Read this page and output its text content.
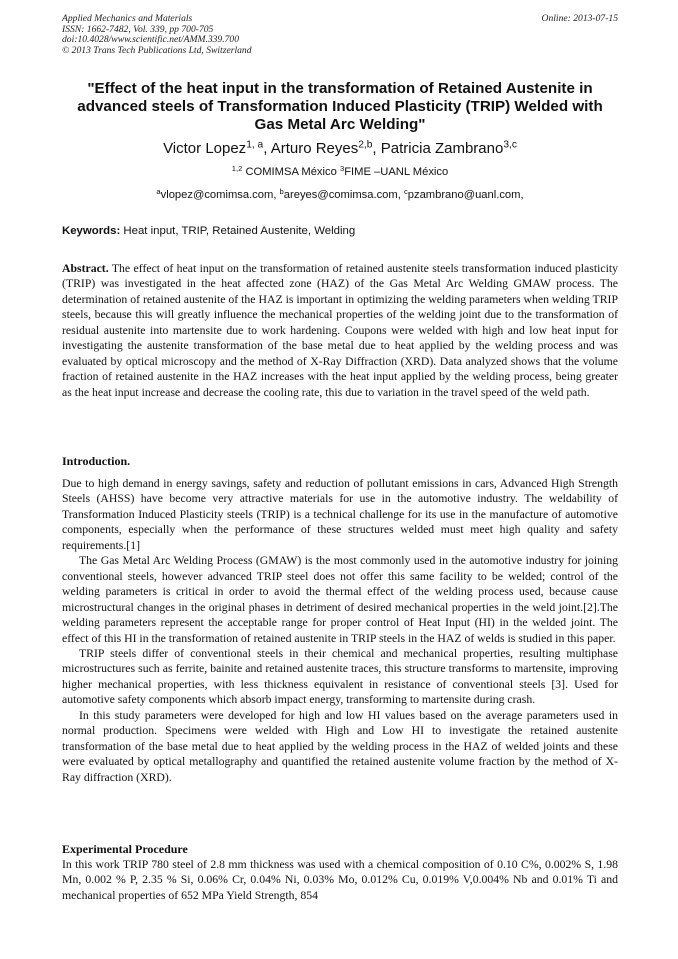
Applied Mechanics and Materials
ISSN: 1662-7482, Vol. 339, pp 700-705
doi:10.4028/www.scientific.net/AMM.339.700
© 2013 Trans Tech Publications Ltd, Switzerland
Online: 2013-07-15
"Effect of the heat input in the transformation of Retained Austenite in advanced steels of Transformation Induced Plasticity (TRIP) Welded with Gas Metal Arc Welding"
Victor Lopez$^{1, a}$, Arturo Reyes$^{2,b}$, Patricia Zambrano$^{3,c}$
$^{1,2}$ COMIMSA México $^3$FIME –UANL México
$^a$vlopez@comimsa.com, $^b$areyes@comimsa.com, $^c$pzambrano@uanl.com,
Keywords: Heat input, TRIP, Retained Austenite, Welding
Abstract. The effect of heat input on the transformation of retained austenite steels transformation induced plasticity (TRIP) was investigated in the heat affected zone (HAZ) of the Gas Metal Arc Welding GMAW process. The determination of retained austenite of the HAZ is important in optimizing the welding parameters when welding TRIP steels, because this will greatly influence the mechanical properties of the welding joint due to the transformation of residual austenite into martensite due to work hardening. Coupons were welded with high and low heat input for investigating the austenite transformation of the base metal due to heat applied by the welding process and was evaluated by optical microscopy and the method of X-Ray Diffraction (XRD). Data analyzed shows that the volume fraction of retained austenite in the HAZ increases with the heat input applied by the welding process, being greater as the heat input increase and decrease the cooling rate, this due to variation in the travel speed of the weld path.
Introduction.

Due to high demand in energy savings, safety and reduction of pollutant emissions in cars, Advanced High Strength Steels (AHSS) have become very attractive materials for use in the automotive industry. The weldability of Transformation Induced Plasticity steels (TRIP) is a technical challenge for its use in the manufacture of automotive components, especially when the performance of these structures welded must meet high quality and safety requirements.[1]

The Gas Metal Arc Welding Process (GMAW) is the most commonly used in the automotive industry for joining conventional steels, however advanced TRIP steel does not offer this same facility to be welded; control of the welding parameters is critical in order to avoid the thermal effect of the welding process used, because cause microstructural changes in the original phases in detriment of desired mechanical properties in the weld joint.[2].The welding parameters represent the acceptable range for proper control of Heat Input (HI) in the welded joint. The effect of this HI in the transformation of retained austenite in TRIP steels in the HAZ of welds is studied in this paper.

TRIP steels differ of conventional steels in their chemical and mechanical properties, resulting multiphase microstructures such as ferrite, bainite and retained austenite traces, this structure transforms to martensite, improving higher mechanical properties, with less thickness equivalent in resistance of conventional steels [3]. Used for automotive safety components which absorb impact energy, transforming to martensite during crash.

In this study parameters were developed for high and low HI values based on the average parameters used in normal production. Specimens were welded with High and Low HI to investigate the retained austenite transformation of the base metal due to heat applied by the welding process in the HAZ of welded joints and these were evaluated by optical metallography and quantified the retained austenite volume fraction by the method of X-Ray diffraction (XRD).

Experimental Procedure

In this work TRIP 780 steel of 2.8 mm thickness was used with a chemical composition of 0.10 C%, 0.002% S, 1.98 Mn, 0.002 % P, 2.35 % Si, 0.06% Cr, 0.04% Ni, 0.03% Mo, 0.012% Cu, 0.019% V,0.004% Nb and 0.01% Ti and mechanical properties of 652 MPa Yield Strength, 854
